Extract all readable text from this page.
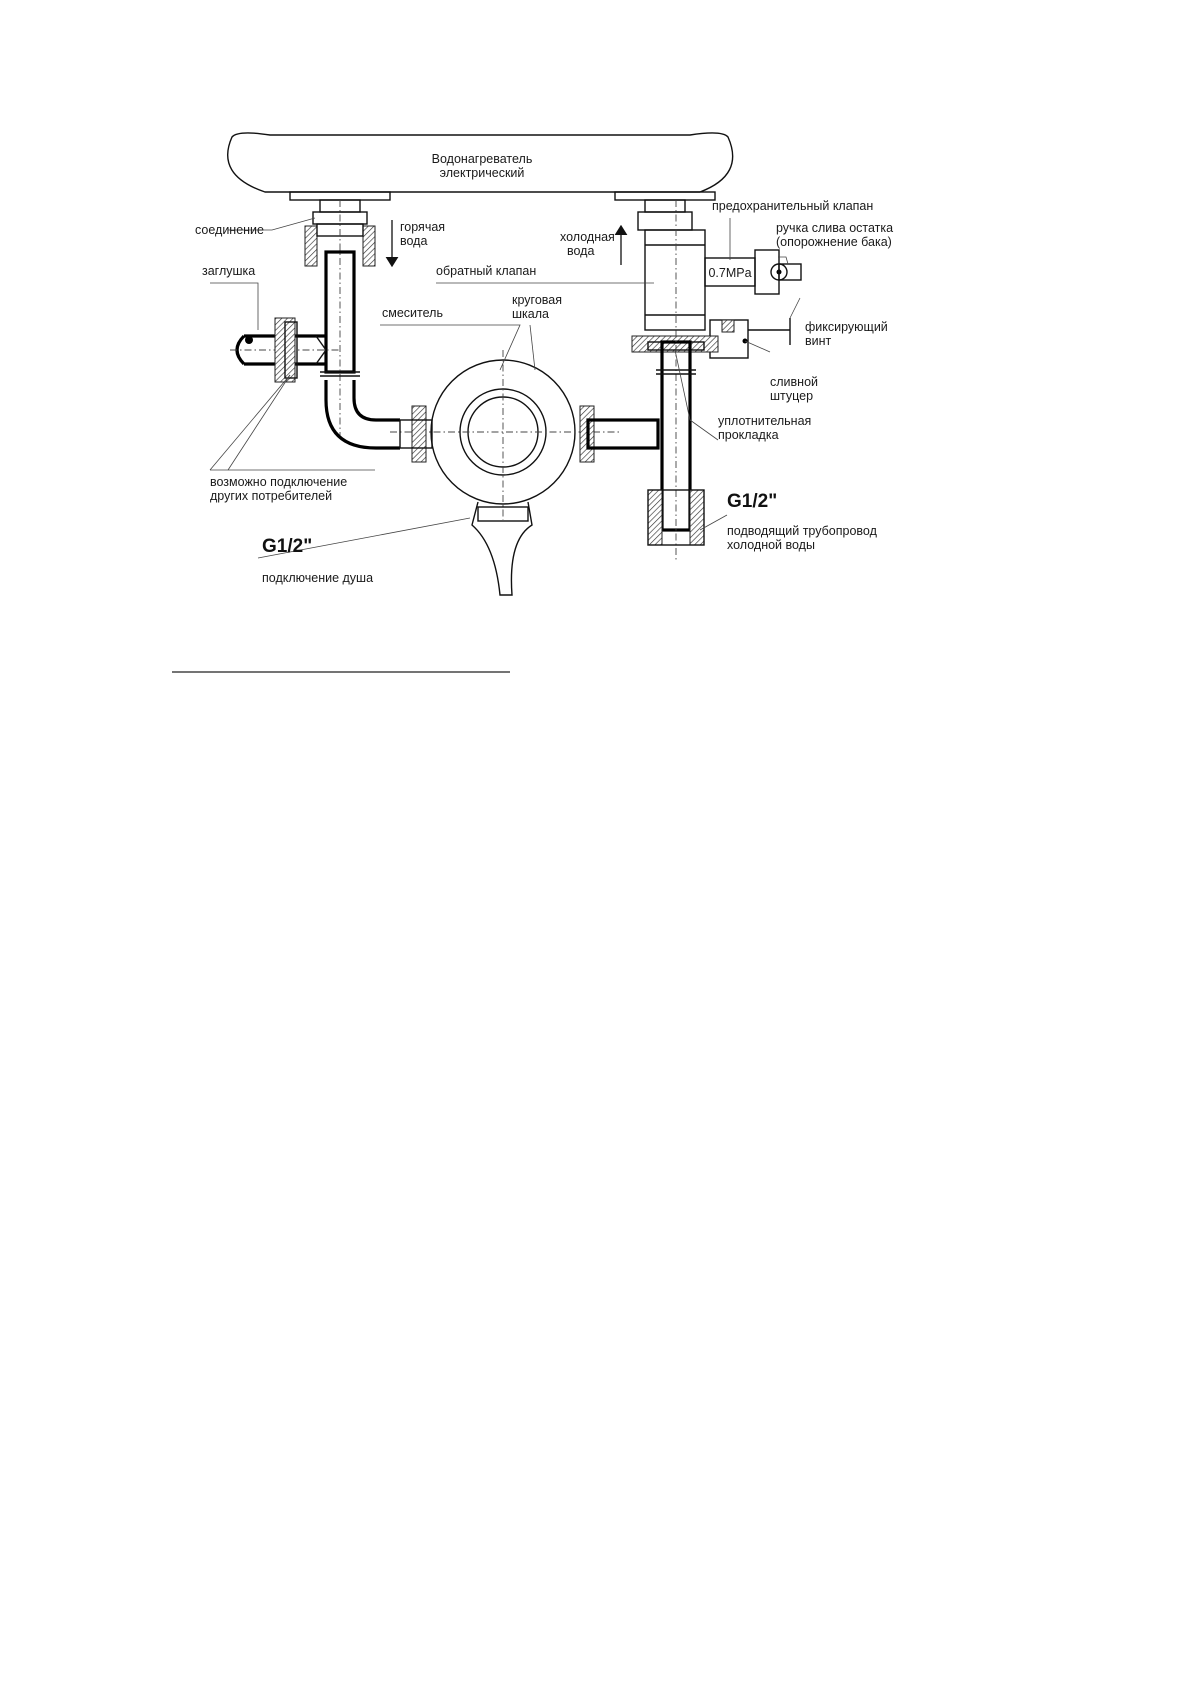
Водонагреватель
электрический
0.7MPa
соединение	горячая
вода	холодная
вода
предохранительный клапан
ручка слива остатка
(опорожнение бака)
заглушка	обратный клапан
круговая
шкала
смеситель
фиксирующий
винт
сливной
штуцер
уплотнительная
прокладка
возможно подключение
других потребителей
G1/2"
G1/2"
подключение душа
подводящий трубопровод
холодной воды
